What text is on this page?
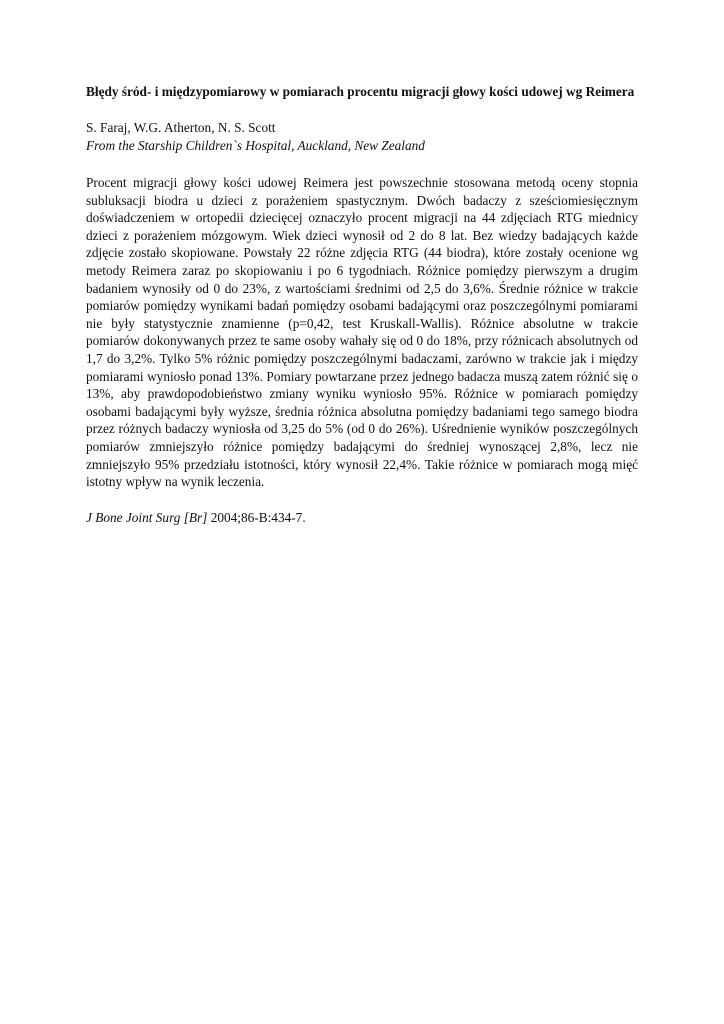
Błędy śród- i międzypomiarowy w pomiarach procentu migracji głowy kości udowej wg Reimera
S. Faraj, W.G. Atherton, N. S. Scott
From the Starship Children`s Hospital, Auckland, New Zealand

Procent migracji głowy kości udowej Reimera jest powszechnie stosowana metodą oceny stopnia subluksacji biodra u dzieci z porażeniem spastycznym. Dwóch badaczy z sześciomiesięcznym doświadczeniem w ortopedii dziecięcej oznaczyło procent migracji na 44 zdjęciach RTG miednicy dzieci z porażeniem mózgowym. Wiek dzieci wynosił od 2 do 8 lat. Bez wiedzy badających każde zdjęcie zostało skopiowane. Powstały 22 różne zdjęcia RTG (44 biodra), które zostały ocenione wg metody Reimera zaraz po skopiowaniu i po 6 tygodniach. Różnice pomiędzy pierwszym a drugim badaniem wynosiły od 0 do 23%, z wartościami średnimi od 2,5 do 3,6%. Średnie różnice w trakcie pomiarów pomiędzy wynikami badań pomiędzy osobami badającymi oraz poszczególnymi pomiarami nie były statystycznie znamienne (p=0,42, test Kruskall-Wallis). Różnice absolutne w trakcie pomiarów dokonywanych przez te same osoby wahały się od 0 do 18%, przy różnicach absolutnych od 1,7 do 3,2%. Tylko 5% różnic pomiędzy poszczególnymi badaczami, zarówno w trakcie jak i między pomiarami wyniosło ponad 13%. Pomiary powtarzane przez jednego badacza muszą zatem różnić się o 13%, aby prawdopodobieństwo zmiany wyniku wyniosło 95%. Różnice w pomiarach pomiędzy osobami badającymi były wyższe, średnia różnica absolutna pomiędzy badaniami tego samego biodra przez różnych badaczy wyniosła od 3,25 do 5% (od 0 do 26%). Uśrednienie wyników poszczególnych pomiarów zmniejszyło różnice pomiędzy badającymi do średniej wynoszącej 2,8%, lecz nie zmniejszyło 95% przedziału istotności, który wynosił 22,4%. Takie różnice w pomiarach mogą mięć istotny wpływ na wynik leczenia.

J Bone Joint Surg [Br] 2004;86-B:434-7.
